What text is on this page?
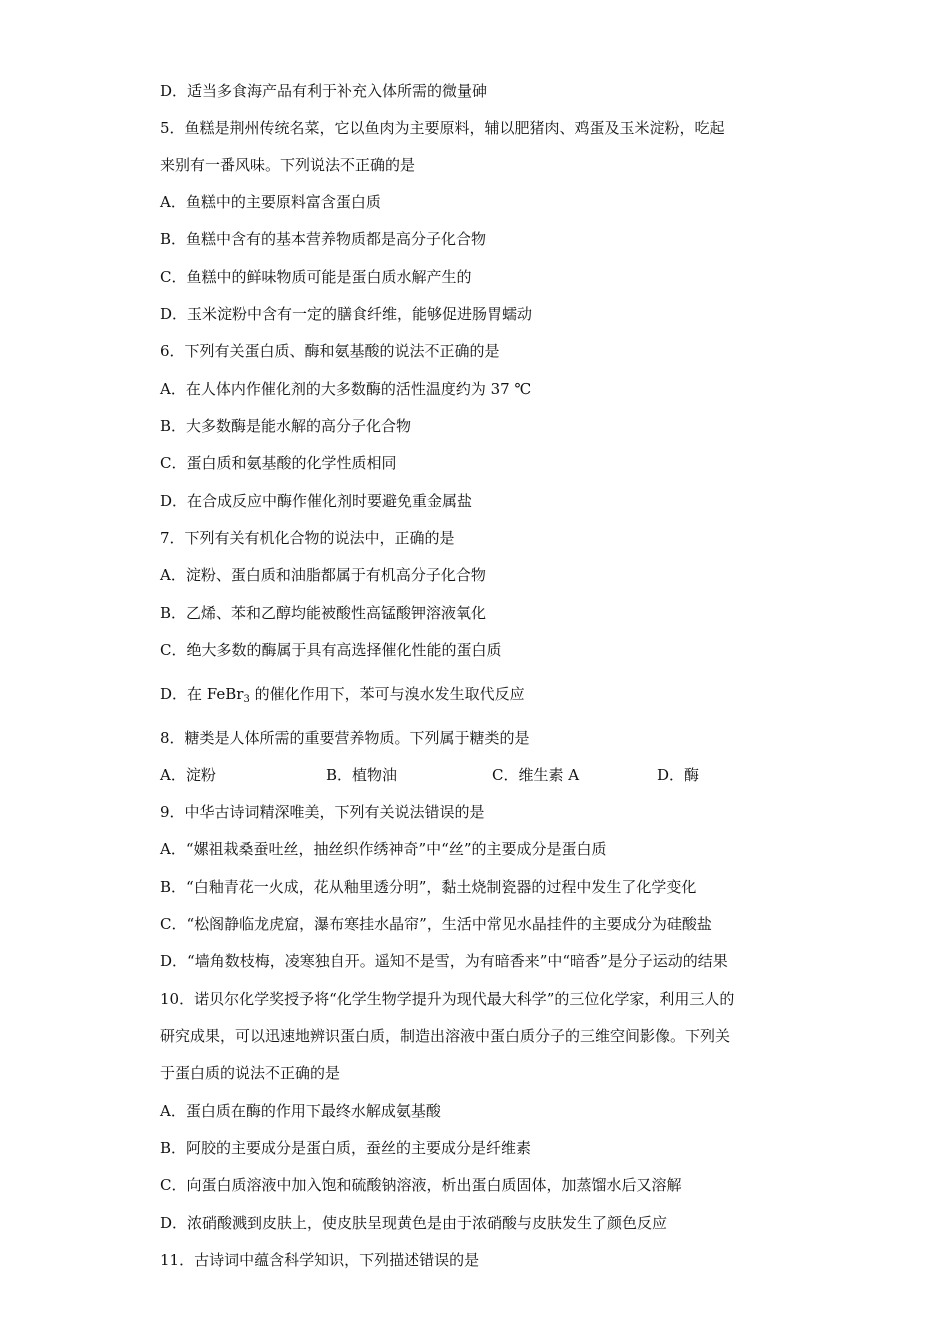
D．适当多食海产品有利于补充入体所需的微量砷
5．鱼糕是荆州传统名菜，它以鱼肉为主要原料，辅以肥猪肉、鸡蛋及玉米淀粉，吃起
来别有一番风味。下列说法不正确的是
A．鱼糕中的主要原料富含蛋白质
B．鱼糕中含有的基本营养物质都是高分子化合物
C．鱼糕中的鲜味物质可能是蛋白质水解产生的
D．玉米淀粉中含有一定的膳食纤维，能够促进肠胃蠕动
6．下列有关蛋白质、酶和氨基酸的说法不正确的是
A．在人体内作催化剂的大多数酶的活性温度约为 37 ℃
B．大多数酶是能水解的高分子化合物
C．蛋白质和氨基酸的化学性质相同
D．在合成反应中酶作催化剂时要避免重金属盐
7．下列有关有机化合物的说法中，正确的是
A．淀粉、蛋白质和油脂都属于有机高分子化合物
B．乙烯、苯和乙醇均能被酸性高锰酸钾溶液氧化
C．绝大多数的酶属于具有高选择催化性能的蛋白质
D．在 FeBr$_3$ 的催化作用下，苯可与溴水发生取代反应
8．糖类是人体所需的重要营养物质。下列属于糖类的是
A．淀粉	B．植物油	C．维生素 A	D．酶
9．中华古诗词精深唯美，下列有关说法错误的是
A．“嫘祖栽桑蚕吐丝，抽丝织作绣神奇”中“丝”的主要成分是蛋白质
B．“白釉青花一火成，花从釉里透分明”，黏土烧制瓷器的过程中发生了化学变化
C．“松阁静临龙虎窟，瀑布寒挂水晶帘”，生活中常见水晶挂件的主要成分为硅酸盐
D．“墙角数枝梅，凌寒独自开。遥知不是雪，为有暗香来”中“暗香”是分子运动的结果
10．诺贝尔化学奖授予将“化学生物学提升为现代最大科学”的三位化学家，利用三人的
研究成果，可以迅速地辨识蛋白质，制造出溶液中蛋白质分子的三维空间影像。下列关
于蛋白质的说法不正确的是
A．蛋白质在酶的作用下最终水解成氨基酸
B．阿胶的主要成分是蛋白质，蚕丝的主要成分是纤维素
C．向蛋白质溶液中加入饱和硫酸钠溶液，析出蛋白质固体，加蒸馏水后又溶解
D．浓硝酸溅到皮肤上，使皮肤呈现黄色是由于浓硝酸与皮肤发生了颜色反应
11．古诗词中蕴含科学知识，下列描述错误的是
